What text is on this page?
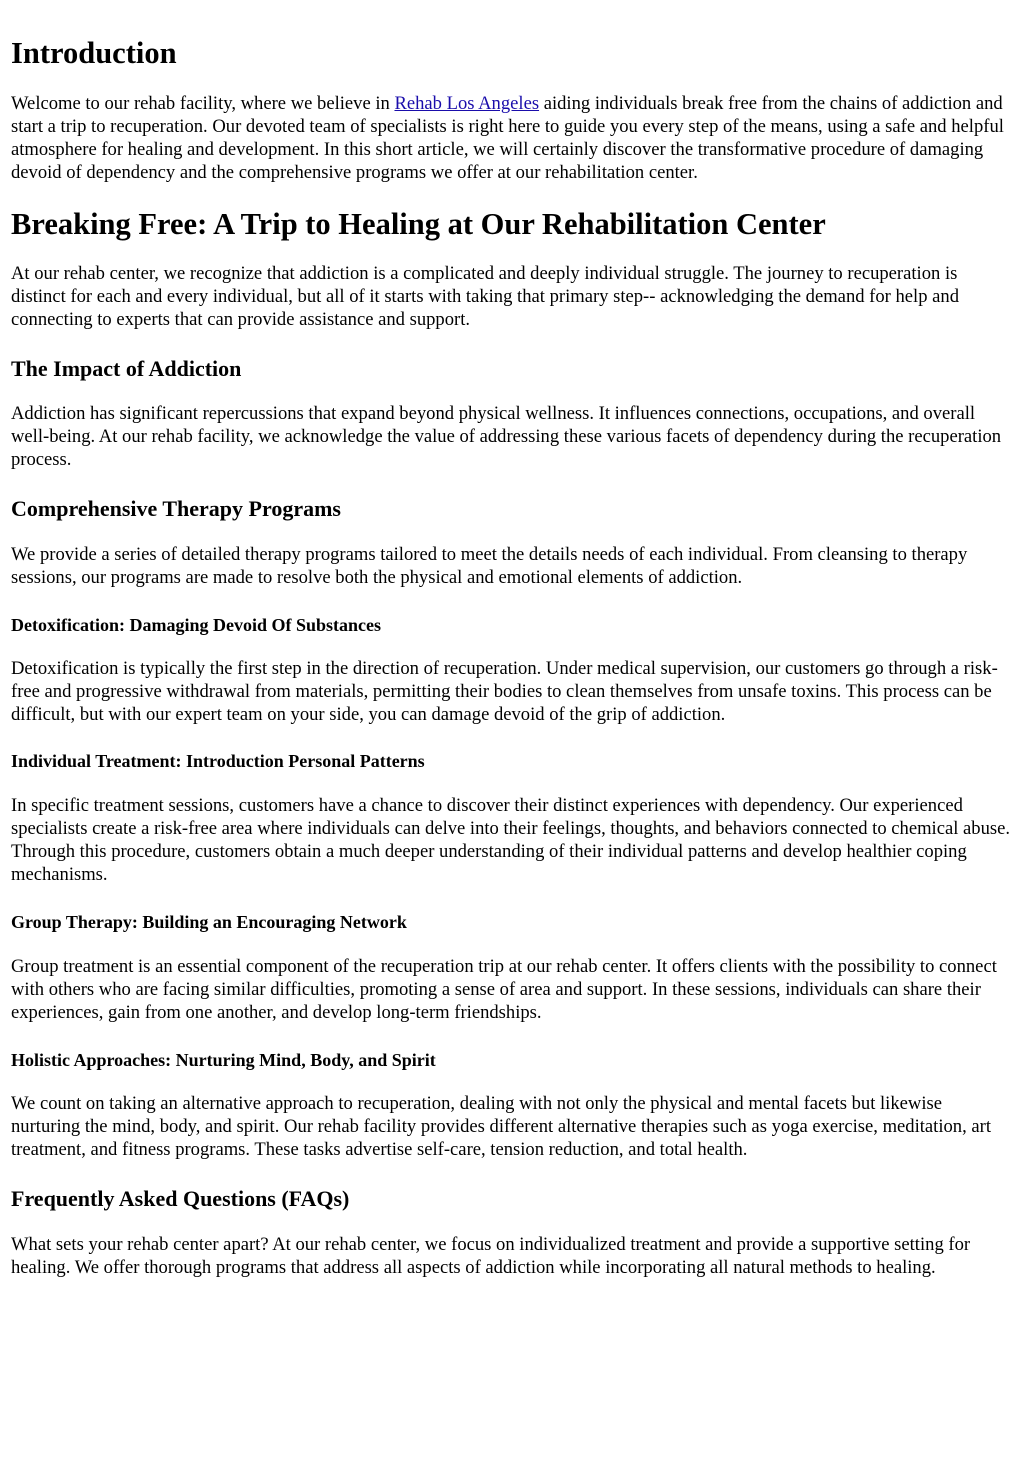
Introduction

Welcome to our rehab facility, where we believe in Rehab Los Angeles aiding individuals break free from the chains of addiction and start a trip to recuperation. Our devoted team of specialists is right here to guide you every step of the means, using a safe and helpful atmosphere for healing and development. In this short article, we will certainly discover the transformative procedure of damaging devoid of dependency and the comprehensive programs we offer at our rehabilitation center.

Breaking Free: A Trip to Healing at Our Rehabilitation Center

At our rehab center, we recognize that addiction is a complicated and deeply individual struggle. The journey to recuperation is distinct for each and every individual, but all of it starts with taking that primary step-- acknowledging the demand for help and connecting to experts that can provide assistance and support.

The Impact of Addiction

Addiction has significant repercussions that expand beyond physical wellness. It influences connections, occupations, and overall well-being. At our rehab facility, we acknowledge the value of addressing these various facets of dependency during the recuperation process.

Comprehensive Therapy Programs

We provide a series of detailed therapy programs tailored to meet the details needs of each individual. From cleansing to therapy sessions, our programs are made to resolve both the physical and emotional elements of addiction.

Detoxification: Damaging Devoid Of Substances

Detoxification is typically the first step in the direction of recuperation. Under medical supervision, our customers go through a risk-free and progressive withdrawal from materials, permitting their bodies to clean themselves from unsafe toxins. This process can be difficult, but with our expert team on your side, you can damage devoid of the grip of addiction.

Individual Treatment: Introduction Personal Patterns

In specific treatment sessions, customers have a chance to discover their distinct experiences with dependency. Our experienced specialists create a risk-free area where individuals can delve into their feelings, thoughts, and behaviors connected to chemical abuse. Through this procedure, customers obtain a much deeper understanding of their individual patterns and develop healthier coping mechanisms.

Group Therapy: Building an Encouraging Network

Group treatment is an essential component of the recuperation trip at our rehab center. It offers clients with the possibility to connect with others who are facing similar difficulties, promoting a sense of area and support. In these sessions, individuals can share their experiences, gain from one another, and develop long-term friendships.

Holistic Approaches: Nurturing Mind, Body, and Spirit

We count on taking an alternative approach to recuperation, dealing with not only the physical and mental facets but likewise nurturing the mind, body, and spirit. Our rehab facility provides different alternative therapies such as yoga exercise, meditation, art treatment, and fitness programs. These tasks advertise self-care, tension reduction, and total health.

Frequently Asked Questions (FAQs)

What sets your rehab center apart? At our rehab center, we focus on individualized treatment and provide a supportive setting for healing. We offer thorough programs that address all aspects of addiction while incorporating all natural methods to healing.
